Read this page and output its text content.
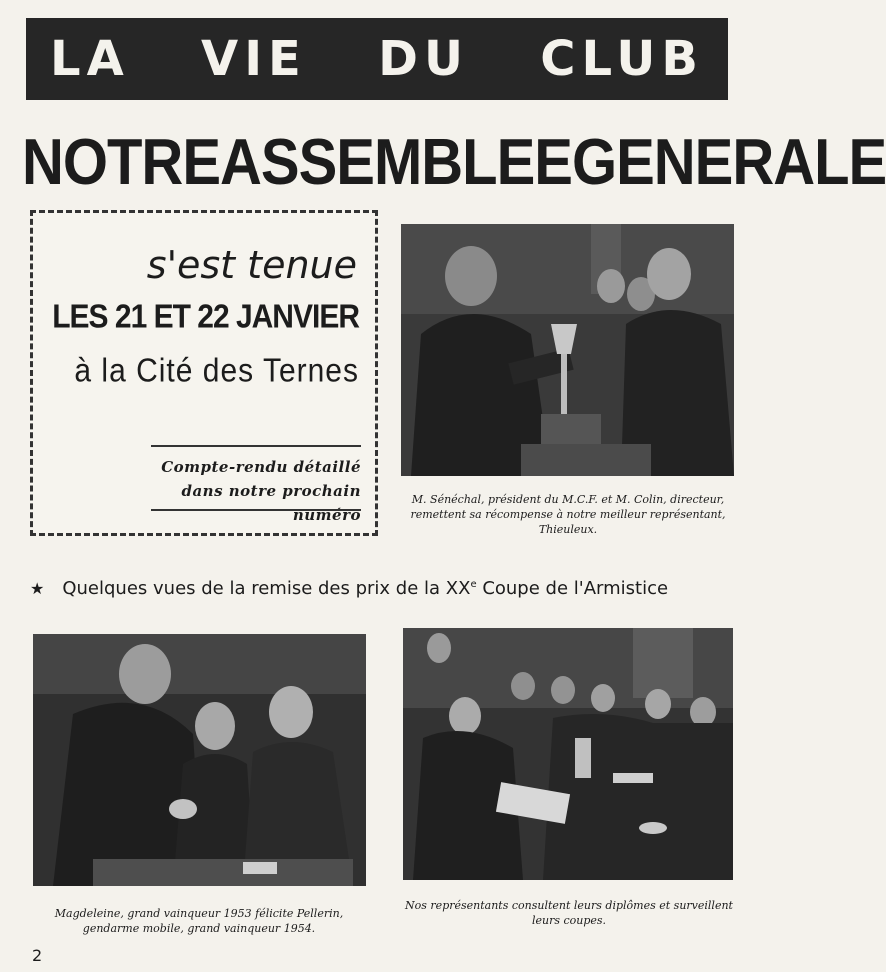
LA VIE DU CLUB
NOTRE ASSEMBLEE GENERALE
s'est tenue
LES 21 ET 22 JANVIER
à la Cité des Ternes
Compte-rendu détaillé dans notre prochain numéro
M. Sénéchal, président du M.C.F. et M. Colin, directeur, remettent sa récompense à notre meilleur représentant, Thieuleux.
★ Quelques vues de la remise des prix de la XXe Coupe de l'Armistice
Magdeleine, grand vainqueur 1953 félicite Pellerin, gendarme mobile, grand vainqueur 1954.
Nos représentants consultent leurs diplômes et surveillent leurs coupes.
2
